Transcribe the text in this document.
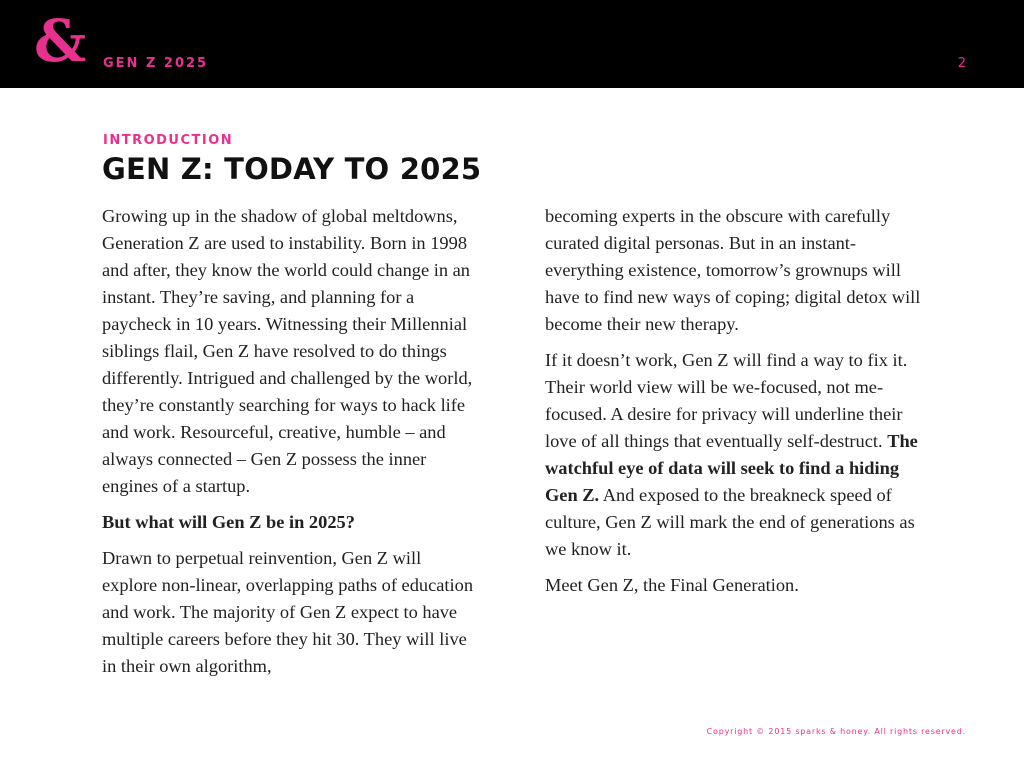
& GEN Z 2025	2
INTRODUCTION
GEN Z: TODAY TO 2025

Growing up in the shadow of global meltdowns, Generation Z are used to instability. Born in 1998 and after, they know the world could change in an instant. They’re saving, and planning for a paycheck in 10 years. Witnessing their Millennial siblings flail, Gen Z have resolved to do things differently. Intrigued and challenged by the world, they’re constantly searching for ways to hack life and work. Resourceful, creative, humble – and always connected – Gen Z possess the inner engines of a startup.

But what will Gen Z be in 2025?

Drawn to perpetual reinvention, Gen Z will explore non-linear, overlapping paths of education and work. The majority of Gen Z expect to have multiple careers before they hit 30. They will live in their own algorithm,

becoming experts in the obscure with carefully curated digital personas. But in an instant-everything existence, tomorrow’s grownups will have to find new ways of coping; digital detox will become their new therapy.

If it doesn’t work, Gen Z will find a way to fix it. Their world view will be we-focused, not me-focused. A desire for privacy will underline their love of all things that eventually self-destruct. The watchful eye of data will seek to find a hiding Gen Z. And exposed to the breakneck speed of culture, Gen Z will mark the end of generations as we know it.

Meet Gen Z, the Final Generation.

Copyright © 2015 sparks & honey. All rights reserved.
